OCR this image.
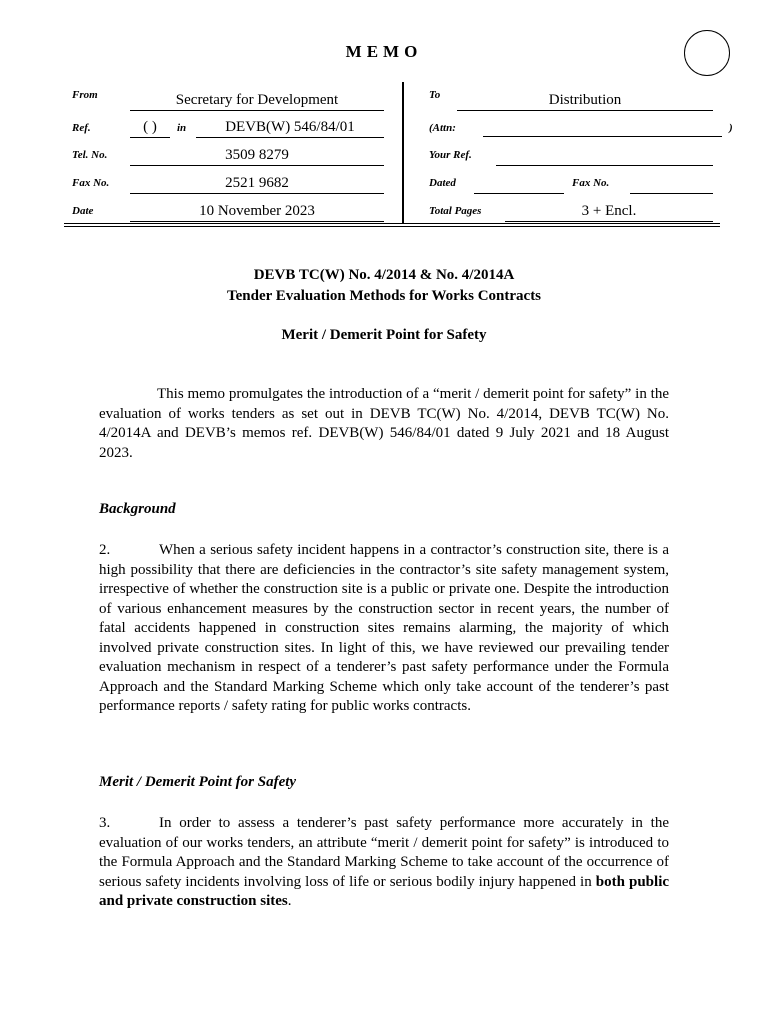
MEMO
From	Secretary for Development
Ref.	( )	in	DEVB(W) 546/84/01
Tel. No.	3509 8279
Fax No.	2521 9682
Date	10 November 2023
To	Distribution
(Attn:	)
Your Ref.
Dated	Fax No.
Total Pages	3 + Encl.
DEVB TC(W) No. 4/2014 & No. 4/2014A
Tender Evaluation Methods for Works Contracts
Merit / Demerit Point for Safety
This memo promulgates the introduction of a “merit / demerit point for safety” in the evaluation of works tenders as set out in DEVB TC(W) No. 4/2014, DEVB TC(W) No. 4/2014A and DEVB’s memos ref. DEVB(W) 546/84/01 dated 9 July 2021 and 18 August 2023.
Background
2.	When a serious safety incident happens in a contractor’s construction site, there is a high possibility that there are deficiencies in the contractor’s site safety management system, irrespective of whether the construction site is a public or private one. Despite the introduction of various enhancement measures by the construction sector in recent years, the number of fatal accidents happened in construction sites remains alarming, the majority of which involved private construction sites. In light of this, we have reviewed our prevailing tender evaluation mechanism in respect of a tenderer’s past safety performance under the Formula Approach and the Standard Marking Scheme which only take account of the tenderer’s past performance reports / safety rating for public works contracts.
Merit / Demerit Point for Safety
3.	In order to assess a tenderer’s past safety performance more accurately in the evaluation of our works tenders, an attribute “merit / demerit point for safety” is introduced to the Formula Approach and the Standard Marking Scheme to take account of the occurrence of serious safety incidents involving loss of life or serious bodily injury happened in both public and private construction sites.
